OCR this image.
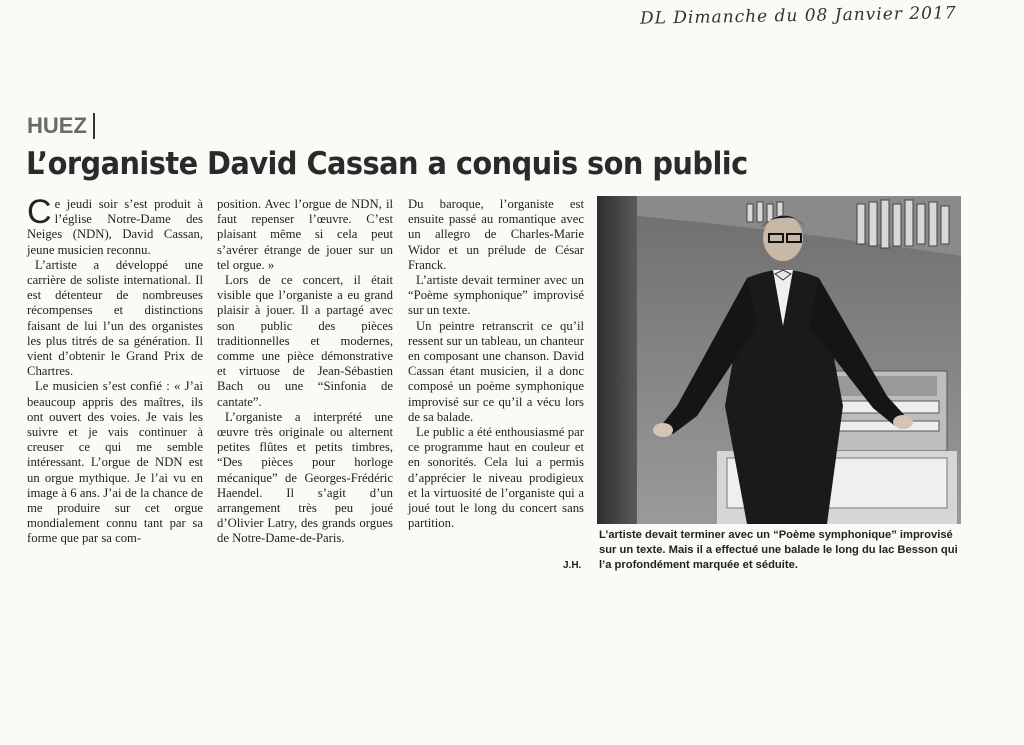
DL Dimanche du 08 Janvier 2017
HUEZ
L’organiste David Cassan a conquis son public

Ce jeudi soir s’est produit à l’église Notre-Dame des Neiges (NDN), David Cassan, jeune musicien reconnu.

L’artiste a développé une carrière de soliste international. Il est détenteur de nombreuses récompenses et distinctions faisant de lui l’un des organistes les plus titrés de sa génération. Il vient d’obtenir le Grand Prix de Chartres.

Le musicien s’est confié : « J’ai beaucoup appris des maîtres, ils ont ouvert des voies. Je vais les suivre et je vais continuer à creuser ce qui me semble intéressant. L’orgue de NDN est un orgue mythique. Je l’ai vu en image à 6 ans. J’ai de la chance de me produire sur cet orgue mondialement connu tant par sa forme que par sa com-

position. Avec l’orgue de NDN, il faut repenser l’œuvre. C’est plaisant même si cela peut s’avérer étrange de jouer sur un tel orgue. »

Lors de ce concert, il était visible que l’organiste a eu grand plaisir à jouer. Il a partagé avec son public des pièces traditionnelles et modernes, comme une pièce démonstrative et virtuose de Jean-Sébastien Bach ou une “Sinfonia de cantate”.

L’organiste a interprété une œuvre très originale ou alternent petites flûtes et petits timbres, “Des pièces pour horloge mécanique” de Georges-Frédéric Haendel. Il s’agit d’un arrangement très peu joué d’Olivier Latry, des grands orgues de Notre-Dame-de-Paris.

Du baroque, l’organiste est ensuite passé au romantique avec un allegro de Charles-Marie Widor et un prélude de César Franck.

L’artiste devait terminer avec un “Poème symphonique” improvisé sur un texte.

Un peintre retranscrit ce qu’il ressent sur un tableau, un chanteur en composant une chanson. David Cassan étant musicien, il a donc composé un poème symphonique improvisé sur ce qu’il a vécu lors de sa balade.

Le public a été enthousiasmé par ce programme haut en couleur et en sonorités. Cela lui a permis d’apprécier le niveau prodigieux et la virtuosité de l’organiste qui a joué tout le long du concert sans partition.

J.H.
L’artiste devait terminer avec un “Poème symphonique” improvisé sur un texte. Mais il a effectué une balade le long du lac Besson qui l’a profondément marquée et séduite.
